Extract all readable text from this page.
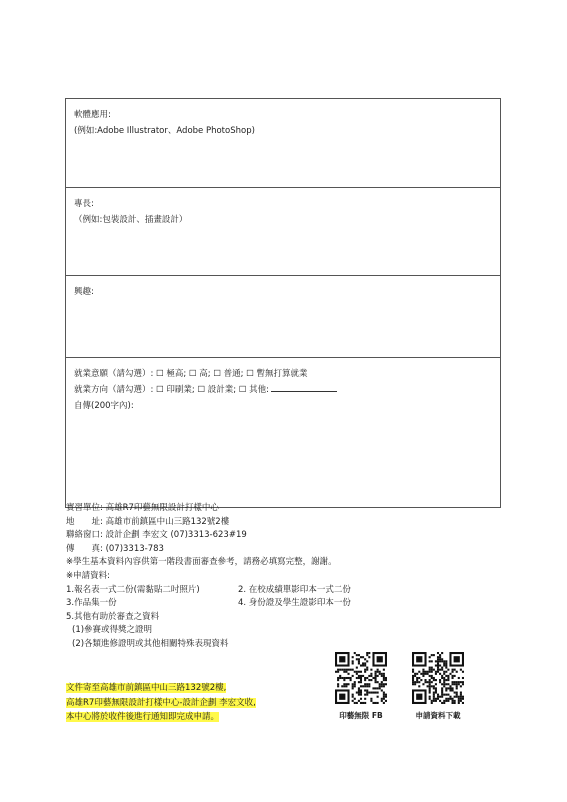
軟體應用:
(例如:Adobe Illustrator、Adobe PhotoShop)
專長:
（例如:包裝設計、插畫設計）
興趣:
就業意願（請勾選）: ☐ 極高; ☐ 高; ☐ 普通; ☐ 暫無打算就業
就業方向（請勾選）: ☐ 印刷業; ☐ 設計業; ☐ 其他:
自傳(200字內):
實習單位: 高雄R7印藝無限設計打樣中心
地　　址: 高雄市前鎮區中山三路132號2樓
聯絡窗口: 設計企劃 李宏文 (07)3313-623#19
傳　　真: (07)3313-783
※學生基本資料內容供第一階段書面審查參考，請務必填寫完整，謝謝。
※申請資料:
1.報名表一式二份(需黏貼二吋照片)	2. 在校成績單影印本一式二份
3.作品集一份	4. 身份證及學生證影印本一份
5.其他有助於審查之資料
(1)參賽或得獎之證明
(2)各類進修證明或其他相關特殊表現資料
文件寄至高雄市前鎮區中山三路132號2樓,
高雄R7印藝無限設計打樣中心-設計企劃 李宏文收,
本中心將於收件後進行通知即完成申請。	印藝無限 FB	申請資料下載
